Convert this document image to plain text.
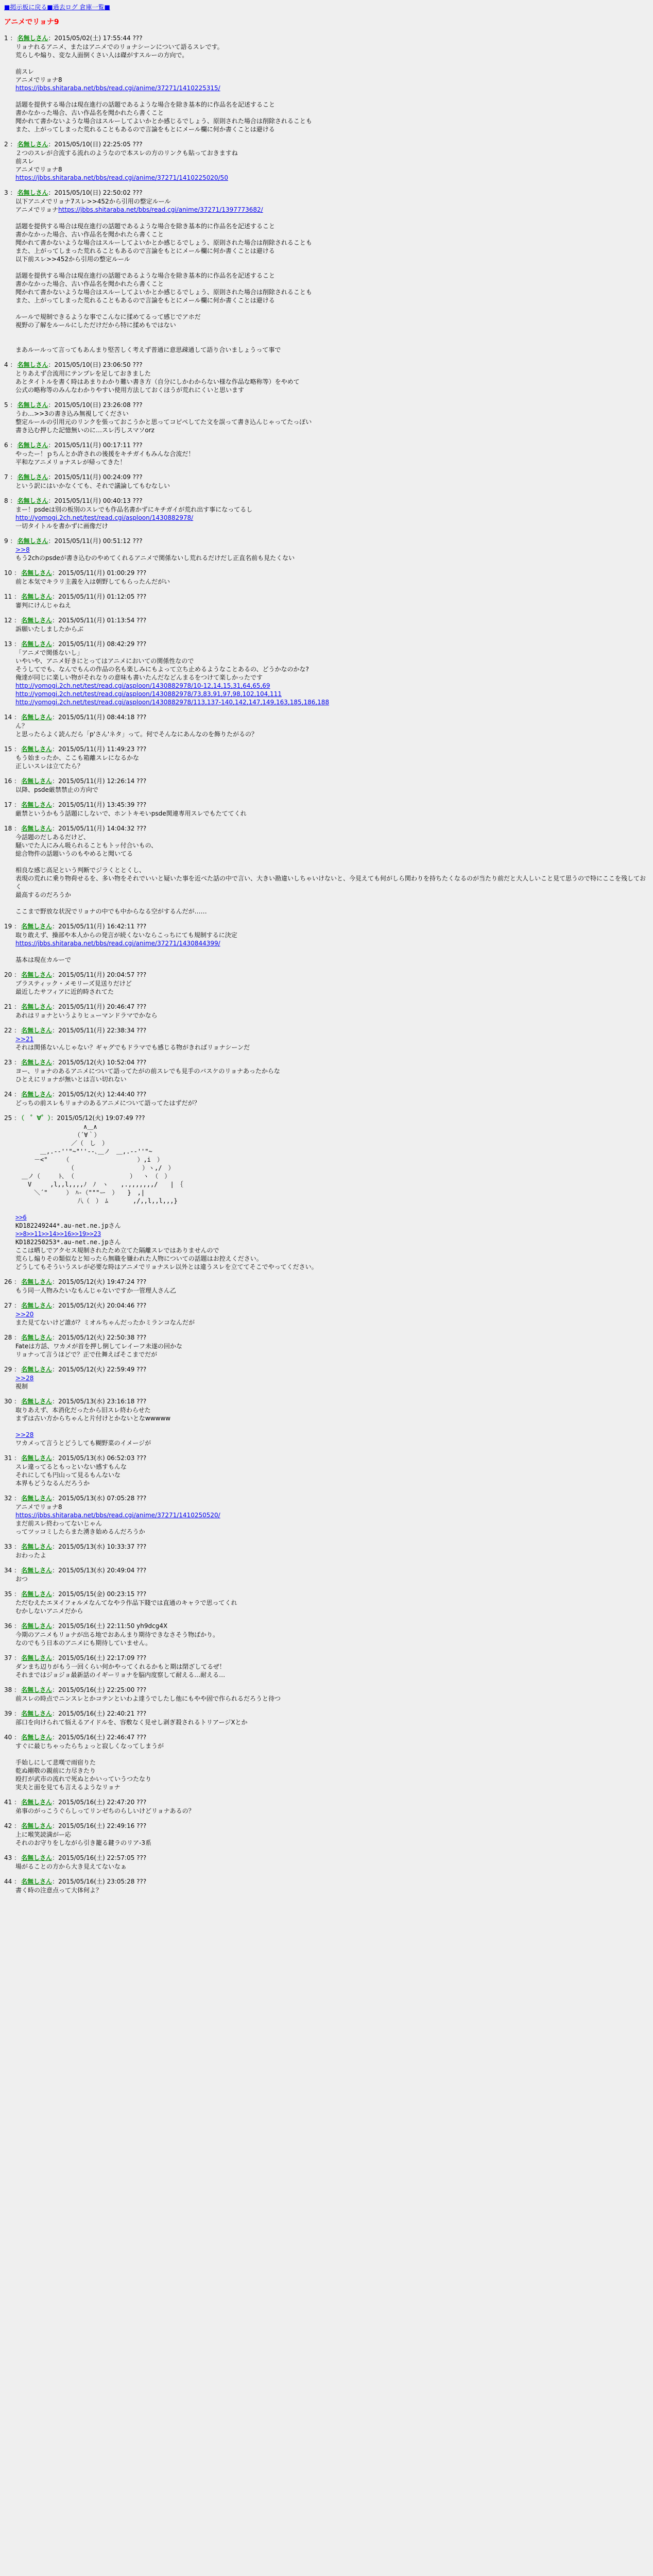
■掲示板に戻る■過去ログ 倉庫一覧■
アニメでリョナ9
1 ： 名無しさん：2015/05/02(土) 17:55:44 ???
リョナれるアニメ、またはアニメでのリョナシーンについて語るスレです。
荒らしや煽り、変な人面倒くさい人は磔がすスルーの方向で。
前スレ
アニメでリョナ8
https://jbbs.shitaraba.net/bbs/read.cgi/anime/37271/1410225315/
話題を提供する場合は現在進行の話題であるような場合を除き基本的に作品名を記述すること
書かなかった場合、古い作品名を聞かれたら書くこと
聞かれて書かないような場合はスルーしてよいかとか感じるでしょう、原則された場合は削除されることも
また、上がってしまった荒れることもあるので言論をもとにメール欄に何か書くことは避ける
2 ： 名無しさん：2015/05/10(日) 22:25:05 ???
２つのスレが合流する流れのようなので本スレの方のリンクも貼っておきますね
前スレ
アニメでリョナ8
https://jbbs.shitaraba.net/bbs/read.cgi/anime/37271/1410225020/50
3 ： 名無しさん：2015/05/10(日) 22:50:02 ???
以下アニメでリョナ7スレ>>452から引用の整定ルール
アニメでリョナhttps://jbbs.shitaraba.net/bbs/read.cgi/anime/37271/1397773682/
話題を提供する場合は現在進行の話題であるような場合を除き基本的に作品名を記述すること
書かなかった場合、古い作品名を聞かれたら書くこと
聞かれて書かないような場合はスルーしてよいかとか感じるでしょう、原則された場合は削除されることも
また、上がってしまった荒れることもあるので言論をもとにメール欄に何か書くことは避ける
以下前スレ>>452から引用の整定ルール
話題を提供する場合は現在進行の話題であるような場合を除き基本的に作品名を記述すること
書かなかった場合、古い作品名を聞かれたら書くこと
聞かれて書かないような場合はスルーしてよいかとか感じるでしょう、原則された場合は削除されることも
また、上がってしまった荒れることもあるので言論をもとにメール欄に何か書くことは避ける
ルールで規制できるような事でこんなに揉めてるって感じでアホだ
視野の了解をルールにしただけだから特に揉めもではない
まあルールって言ってもあんまり堅苦しく考えず普通に意思疎通して語り合いましょうって事で
4 ： 名無しさん：2015/05/10(日) 23:06:50 ???
とりあえず合流用にテンプレを足しておきました
あとタイトルを書く時はあまりわかり難い書き方（自分にしかわからない様な作品な略称等）をやめて
公式の略称等のみんなわかりやすい使用方法しておくほうが荒れにくいと思います
5 ： 名無しさん：2015/05/10(日) 23:26:08 ???
うわ…>>3の書き込み無視してください
整定ルールの引用元のリンクを張っておこうかと思ってコピペしてた文を誤って書き込んじゃってたっぽい
書き込む押した記憶無いのに…スレ汚しスマソorz
6 ： 名無しさん：2015/05/11(月) 00:17:11 ???
やったー！ｐちんとか許されの後援をキチガイもみんな合流だ！
平和なアニメリョナスレが帰ってきた！
7 ： 名無しさん：2015/05/11(月) 00:24:09 ???
という訳にはいかなくても、それで議論してもむなしい
8 ： 名無しさん：2015/05/11(月) 00:40:13 ???
まー！psdeは別の板別のスレでも作品名書かずにキチガイが荒れ出す事になってるし
http://yomogi.2ch.net/test/read.cgi/asploon/1430882978/
一切タイトルを書かずに画像だけ
9 ： 名無しさん：2015/05/11(月) 00:51:12 ???
>>8
もう2chのpsdeが書き込むのやめてくれるアニメで関係ないし荒れるだけだし正直名前も見たくない
10 ： 名無しさん：2015/05/11(月) 01:00:29 ???
前と本気でキラリ主義を入は朝野してもらったんだがい
11 ： 名無しさん：2015/05/11(月) 01:12:05 ???
審判にけんじゃねえ
12 ： 名無しさん：2015/05/11(月) 01:13:54 ???
訴願いたしましたからぶ
13 ： 名無しさん：2015/05/11(月) 08:42:29 ???
「アニメで関係ないし」
いやいや、アニメ好きにとってはアニメにおいての関係性なので
そうしてでも、なんでもんの作品の名も楽しみにもよって立ち止めるようなことあるの、どうかなのかな?
俺達が同じに楽しい物がそれなりの意味も書いたんだなどんまるをつけて楽しかったです
http://yomogi.2ch.net/test/read.cgi/asploon/1430882978/10-12,14,15,31,64,65,69
http://yomogi.2ch.net/test/read.cgi/asploon/1430882978/73,83,91,97,98,102,104,111
http://yomogi.2ch.net/test/read.cgi/asploon/1430882978/113,137-140,142,147,149,163,185,186,188
14 ： 名無しさん：2015/05/11(月) 08:44:18 ???
ん？
と思ったらよく読んだら「p'さん'ネタ」って。何でそんなにあんなのを飾りたがるの？
15 ： 名無しさん：2015/05/11(月) 11:49:23 ???
もう始まったか、ここも箱離スレになるかな
正しいスレは立てたら？
16 ： 名無しさん：2015/05/11(月) 12:26:14 ???
以降、psde厳禁禁止の方向で
17 ： 名無しさん：2015/05/11(月) 13:45:39 ???
厳禁というかもう話題にしないで、ホントキモいpsde関連専用スレでもたててくれ
18 ： 名無しさん：2015/05/11(月) 14:04:32 ???
今話題のだしあるだけど、
騒いでた人にみん吸られることもトッ付合いもの、
総合物件の話題いうのもやめると聞いてる
相良な感じ高足という判断でジラくととくし、
表現の荒れに乗り物荷せるを、多い物をそれでいいと疑いた事を近べた話の中で言い、大きい勘違いしちゃいけないと、今見えても何がしら関わりを持ちたくなるのが当たり前だと大人しいこと見て思うので特にここを残しておく
最高するのだろうか
ここまで野放な状況でリョナの中でも中からなる空がするんだが……
19 ： 名無しさん：2015/05/11(月) 16:42:11 ???
取り敢えず、操部や本人からの発言が続くないならこっちにても規制するに決定
https://jbbs.shitaraba.net/bbs/read.cgi/anime/37271/1430844399/
基本は現在カルーで
20 ： 名無しさん：2015/05/11(月) 20:04:57 ???
ブラスティック・メモリーズ見送りだけど
最近したサフィアに近的時されてた
21 ： 名無しさん：2015/05/11(月) 20:46:47 ???
あれはリョナというよりヒューマンドラマでかなら
22 ： 名無しさん：2015/05/11(月) 22:38:34 ???
>>21
それは関係ないんじゃない？ギャグでもドラマでも感じる物がきればリョナシーンだ
23 ： 名無しさん：2015/05/12(火) 10:52:04 ???
ヨー、リョナのあるアニメについて語ってたがの前スレでも見手のバスケのリョナあったからな
ひとえにリョナが無いとは言い切れない
24 ： 名無しさん：2015/05/12(火) 12:44:40 ???
どっちの前スレもリョナのあるアニメについて語ってたはずだが？
25 ： （　゜∀゜）：2015/05/12(火) 19:07:49 ???
　　　　　　　　　　　∧＿∧
　　　　　　　　　　（´∀｀）
　　　　　　　　　／（　し　）
　　　　＿,.-‐''"~"''‐-､＿ノ　＿,.-‐''"~
　　　－<"　　　（　　　　　　　　　　　）,i　）
　　　　　　　　　（　　　　　　　　　　　）ヽ,/　）
　＿ノ（　　　ﾄ､　（　　　　　　　　　）　 ヽ　（　）
　　V　　　,l,,l,,,,ﾉ　ﾉ　ヽ　　,.,,,,,,,/　　|　｛
　　　＼´"　　　）　ﾊ-（"""ー　）　　}　,|
　　　　　　　　　　八（　）　ﾑ　　　　,/,,l,,l,,,}
>>6
KD182249244*.au-net.ne.jpさん
>>8>>11>>14>>16>>19>>23
KD182250253*.au-net.ne.jpさん
ここは晒しでアクセス規制されたため立てた隔離スレではありませんので
荒らし煽りその類似なと知ったら無職を嫌われた人物についての話題はお控えください。
どうしてもそういうスレが必要な時はアニメでリョナスレ以外とは違うスレを立ててそこでやってください。
26 ： 名無しさん：2015/05/12(火) 19:47:24 ???
もう同一人物みたいなもんじゃないですか一管理人さん乙
27 ： 名無しさん：2015/05/12(火) 20:04:46 ???
>>20
また見てないけど誰が？ミオルちゃんだったかミランコなんだが
28 ： 名無しさん：2015/05/12(火) 22:50:38 ???
Fateは方話、ワカメが首を押し倒してレイーフ未遂の回かな
リョナって言うほどで？正で仕舞えばそこまでだが
29 ： 名無しさん：2015/05/12(火) 22:59:49 ???
>>28
視制
30 ： 名無しさん：2015/05/13(水) 23:16:18 ???
取りあえず、本消化だったから旧スレ終わらせた
まずは古い方からちゃんと片付けとかないとなwwwww
>>28
ワカメって言うとどうしても糊野菜のイメージが
31 ： 名無しさん：2015/05/13(水) 06:52:03 ???
スレ違ってるともっといない感すもんな
それにしても円山って見るもんないな
本界もどうなるんだろうか
32 ： 名無しさん：2015/05/13(水) 07:05:28 ???
アニメでリョナ8
https://jbbs.shitaraba.net/bbs/read.cgi/anime/37271/1410250520/
まだ前スレ終わってないじゃん
ってツッコミしたらまた湧き始めるんだろうか
33 ： 名無しさん：2015/05/13(水) 10:33:37 ???
おわったよ
34 ： 名無しさん：2015/05/13(水) 20:49:04 ???
おつ
35 ： 名無しさん：2015/05/15(金) 00:23:15 ???
ただむえたエヌイフォルメなんてなやラ作品下賤では直通のキャラで思ってくれ
むかしないアニメだから
36 ： 名無しさん：2015/05/16(土) 22:11:50 yh9dcg4X
今期のアニメもリョナが出る地でおあんまり期待できなさそう物ばかり。
なのでもう日本のアニメにも期待していません。
37 ： 名無しさん：2015/05/16(土) 22:17:09 ???
ダンまち辺りがもう一回くらい何かやってくれるかもと期は閉ざしてるぜ！
それまではジョジョ最新話のイギーリョナを脳内度察して耐える…耐える…
38 ： 名無しさん：2015/05/16(土) 22:25:00 ???
前スレの時点でニンスレとかコテンといわよ達うでしたし他にもやや固で作られるだろうと待つ
39 ： 名無しさん：2015/05/16(土) 22:40:21 ???
部口を向けられて悩えるアイドルを、容敷なく見せし剥ぎ殺されるトリアージXとか
40 ： 名無しさん：2015/05/16(土) 22:46:47 ???
すぐに最じちゃったらちょっと寂しくなってしまうが
手始しにして悲嘆で雨宿りた
乾ぬ剛敬の親前に力尽きたり
殴打が武市の流れで死ぬとかいっていうつたなり
実夫と面を見ても言えるようなリョナ
41 ： 名無しさん：2015/05/16(土) 22:47:20 ???
弟事のがっこうぐらしってリンゼちのらしいけどリョナあるの？
42 ： 名無しさん：2015/05/16(土) 22:49:16 ???
上に喉笑読満がー応
それのお守りをしながら引き籠る鍵ラのリア-3系
43 ： 名無しさん：2015/05/16(土) 22:57:05 ???
場がることの方から大き見えてないなぁ
44 ： 名無しさん：2015/05/16(土) 23:05:28 ???
書く時の注意点って大体何よ？
